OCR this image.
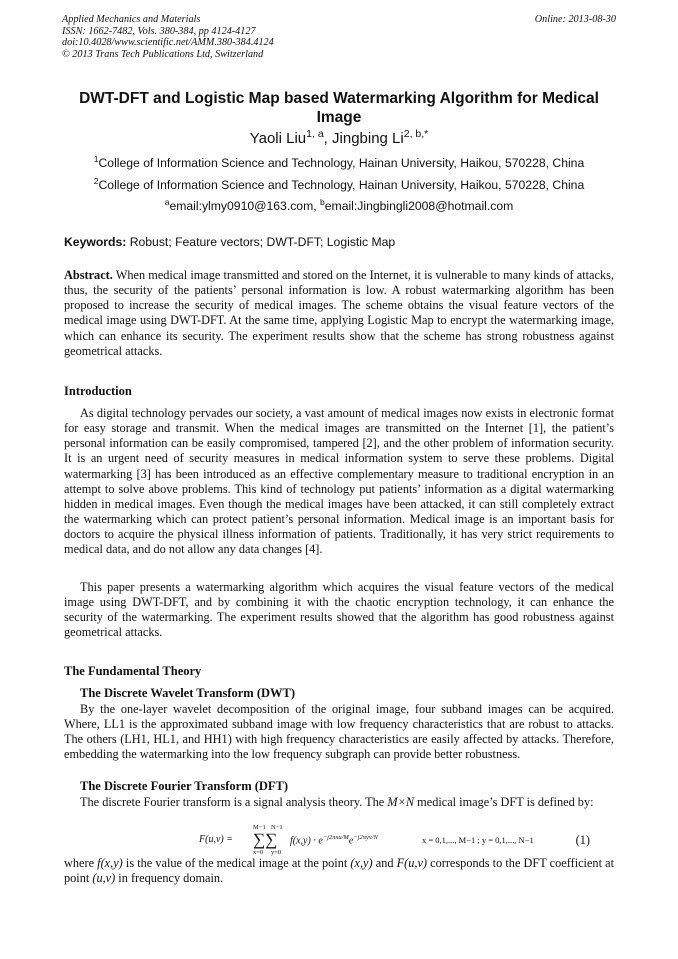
Applied Mechanics and Materials
ISSN: 1662-7482, Vols. 380-384, pp 4124-4127
doi:10.4028/www.scientific.net/AMM.380-384.4124
© 2013 Trans Tech Publications Ltd, Switzerland
Online: 2013-08-30
DWT-DFT and Logistic Map based Watermarking Algorithm for Medical Image
Yaoli Liu$^{1, a}$, Jingbing $Li^{2, b,*}$
$^1$College of Information Science and Technology, Hainan University, Haikou, 570228, China
$^2$College of Information Science and Technology, Hainan University, Haikou, 570228, China
$^a$email:ylmy0910@163.com, $^b$email:Jingbingli2008@hotmail.com
Keywords: Robust; Feature vectors; DWT-DFT; Logistic Map
Abstract. When medical image transmitted and stored on the Internet, it is vulnerable to many kinds of attacks, thus, the security of the patients’ personal information is low. A robust watermarking algorithm has been proposed to increase the security of medical images. The scheme obtains the visual feature vectors of the medical image using DWT-DFT. At the same time, applying Logistic Map to encrypt the watermarking image, which can enhance its security. The experiment results show that the scheme has strong robustness against geometrical attacks.
Introduction
As digital technology pervades our society, a vast amount of medical images now exists in electronic format for easy storage and transmit. When the medical images are transmitted on the Internet [1], the patient’s personal information can be easily compromised, tampered [2], and the other problem of information security. It is an urgent need of security measures in medical information system to serve these problems. Digital watermarking [3] has been introduced as an effective complementary measure to traditional encryption in an attempt to solve above problems. This kind of technology put patients’ information as a digital watermarking hidden in medical images. Even though the medical images have been attacked, it can still completely extract the watermarking which can protect patient’s personal information. Medical image is an important basis for doctors to acquire the physical illness information of patients. Traditionally, it has very strict requirements to medical data, and do not allow any data changes [4].
This paper presents a watermarking algorithm which acquires the visual feature vectors of the medical image using DWT-DFT, and by combining it with the chaotic encryption technology, it can enhance the security of the watermarking. The experiment results showed that the algorithm has good robustness against geometrical attacks.
The Fundamental Theory
The Discrete Wavelet Transform (DWT)
By the one-layer wavelet decomposition of the original image, four subband images can be acquired. Where, LL1 is the approximated subband image with low frequency characteristics that are robust to attacks. The others (LH1, HL1, and HH1) with high frequency characteristics are easily affected by attacks. Therefore, embedding the watermarking into the low frequency subgraph can provide better robustness.
The Discrete Fourier Transform (DFT)
The discrete Fourier transform is a signal analysis theory. The M×N medical image’s DFT is defined by:
F(u,v) =
M−1 N−1
∑∑
x=0 y=0
$f(x,y) \cdot e^{-j2\pi xu/M}e^{-j2\pi yv/N}$	x = 0,1,..., M−1 ; y = 0,1,..., N−1	(1)
where f(x,y) is the value of the medical image at the point (x,y) and F(u,v) corresponds to the DFT coefficient at point (u,v) in frequency domain.
